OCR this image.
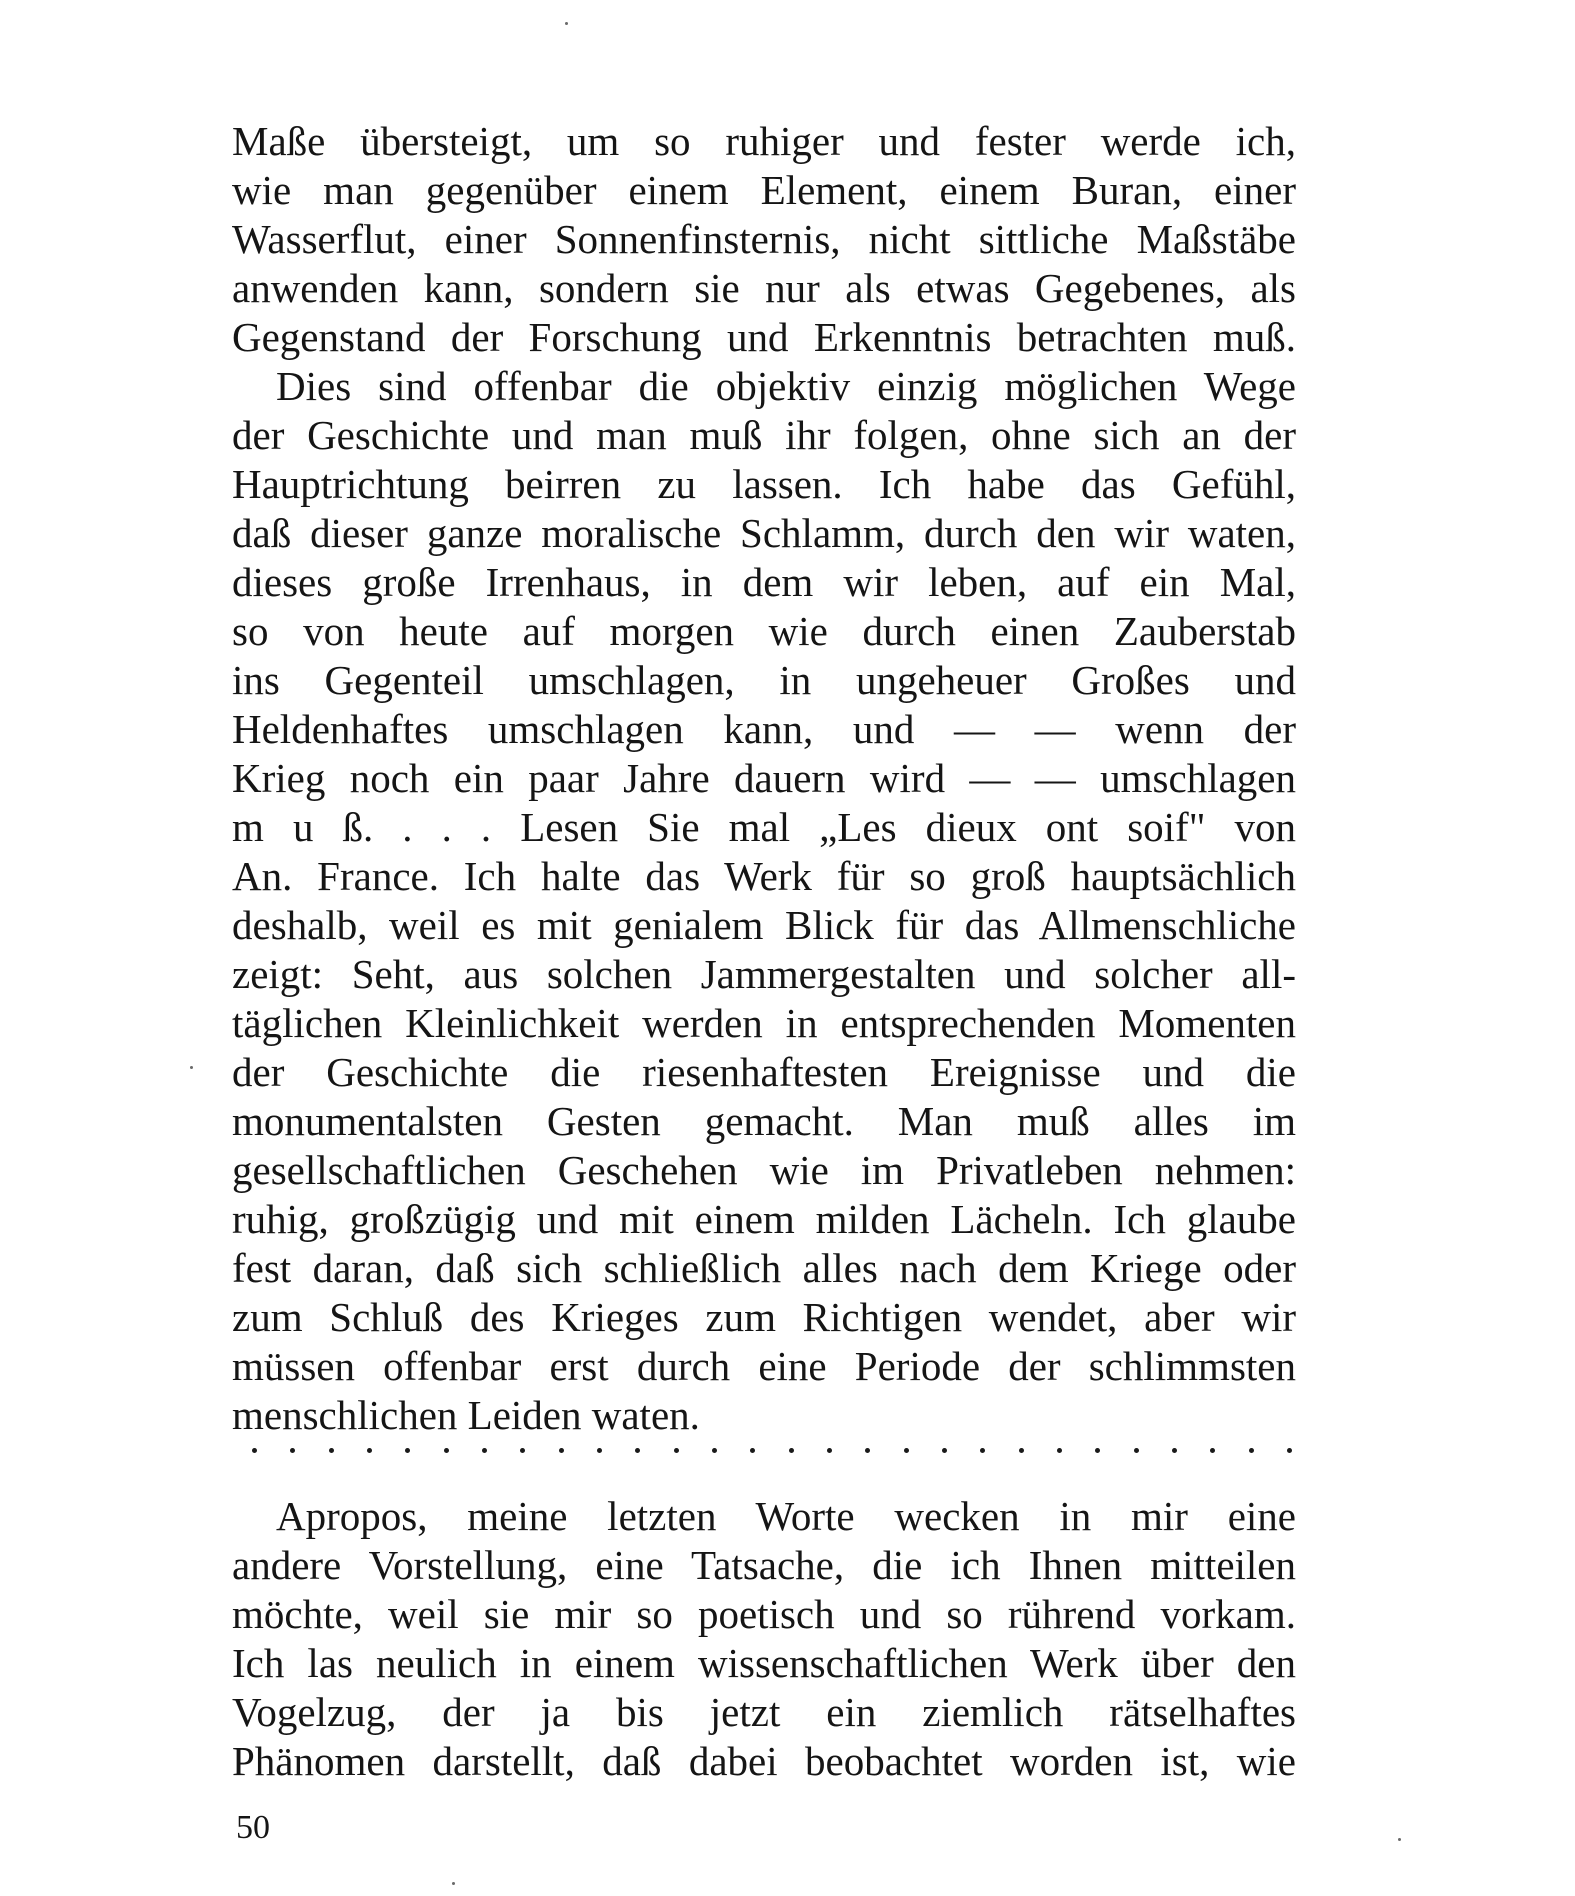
Maße übersteigt, um so ruhiger und fester werde ich,
wie man gegenüber einem Element, einem Buran, einer
Wasserflut, einer Sonnenfinsternis, nicht sittliche Maßstäbe
anwenden kann, sondern sie nur als etwas Gegebenes, als
Gegenstand der Forschung und Erkenntnis betrachten muß.
Dies sind offenbar die objektiv einzig möglichen Wege
der Geschichte und man muß ihr folgen, ohne sich an der
Hauptrichtung beirren zu lassen. Ich habe das Gefühl,
daß dieser ganze moralische Schlamm, durch den wir waten,
dieses große Irrenhaus, in dem wir leben, auf ein Mal,
so von heute auf morgen wie durch einen Zauberstab
ins Gegenteil umschlagen, in ungeheuer Großes und
Heldenhaftes umschlagen kann, und — — wenn der
Krieg noch ein paar Jahre dauern wird — — umschlagen
m u ß. . . . Lesen Sie mal „Les dieux ont soif" von
An. France. Ich halte das Werk für so groß hauptsächlich
deshalb, weil es mit genialem Blick für das Allmenschliche
zeigt: Seht, aus solchen Jammergestalten und solcher all-
täglichen Kleinlichkeit werden in entsprechenden Momenten
der Geschichte die riesenhaftesten Ereignisse und die
monumentalsten Gesten gemacht. Man muß alles im
gesellschaftlichen Geschehen wie im Privatleben nehmen:
ruhig, großzügig und mit einem milden Lächeln. Ich glaube
fest daran, daß sich schließlich alles nach dem Kriege oder
zum Schluß des Krieges zum Richtigen wendet, aber wir
müssen offenbar erst durch eine Periode der schlimmsten
menschlichen Leiden waten.
Apropos, meine letzten Worte wecken in mir eine
andere Vorstellung, eine Tatsache, die ich Ihnen mitteilen
möchte, weil sie mir so poetisch und so rührend vorkam.
Ich las neulich in einem wissenschaftlichen Werk über den
Vogelzug, der ja bis jetzt ein ziemlich rätselhaftes
Phänomen darstellt, daß dabei beobachtet worden ist, wie
50
